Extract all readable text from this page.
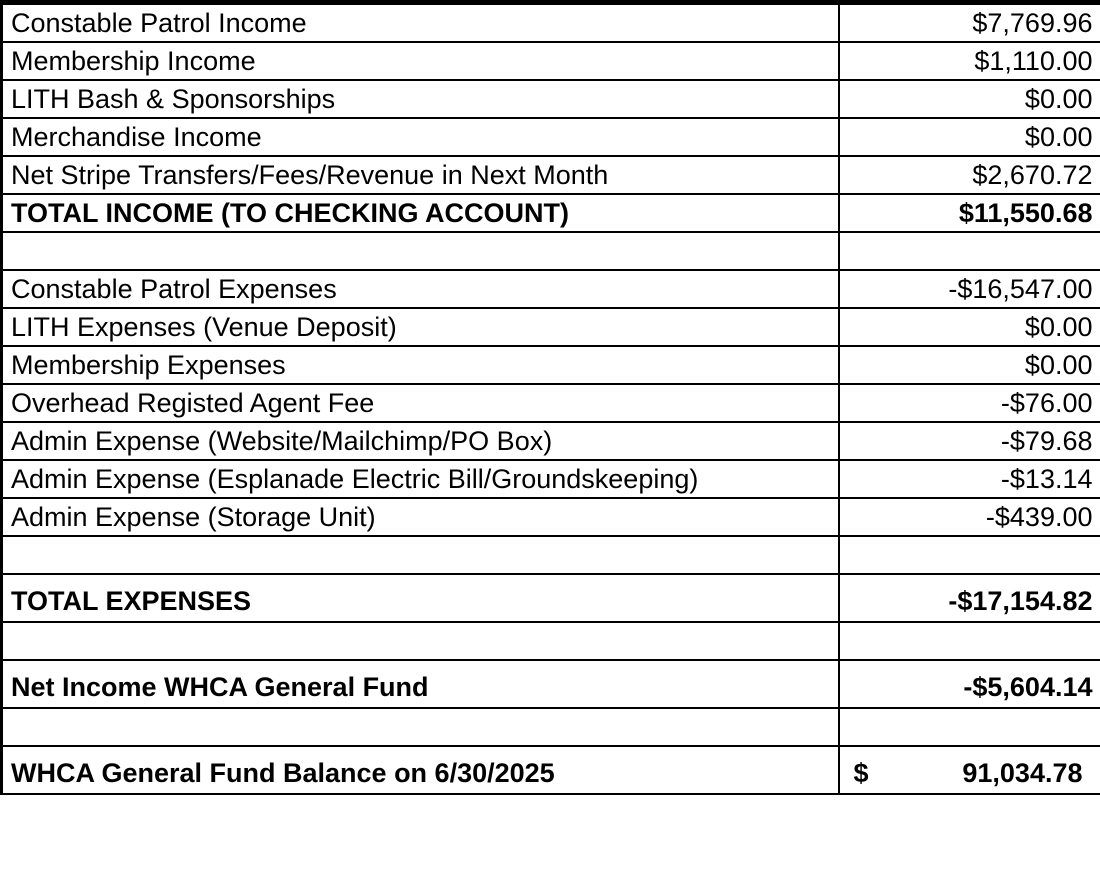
Constable Patrol Income	$7,769.96
Membership Income	$1,110.00
LITH Bash & Sponsorships	$0.00
Merchandise Income	$0.00
Net Stripe Transfers/Fees/Revenue in Next Month	$2,670.72
TOTAL INCOME (TO CHECKING ACCOUNT)	$11,550.68

Constable Patrol Expenses	-$16,547.00
LITH Expenses (Venue Deposit)	$0.00
Membership Expenses	$0.00
Overhead Registed Agent Fee	-$76.00
Admin Expense (Website/Mailchimp/PO Box)	-$79.68
Admin Expense (Esplanade Electric Bill/Groundskeeping)	-$13.14
Admin Expense (Storage Unit)	-$439.00

TOTAL EXPENSES	-$17,154.82

Net Income WHCA General Fund	-$5,604.14

WHCA General Fund Balance on 6/30/2025	$ 91,034.78
